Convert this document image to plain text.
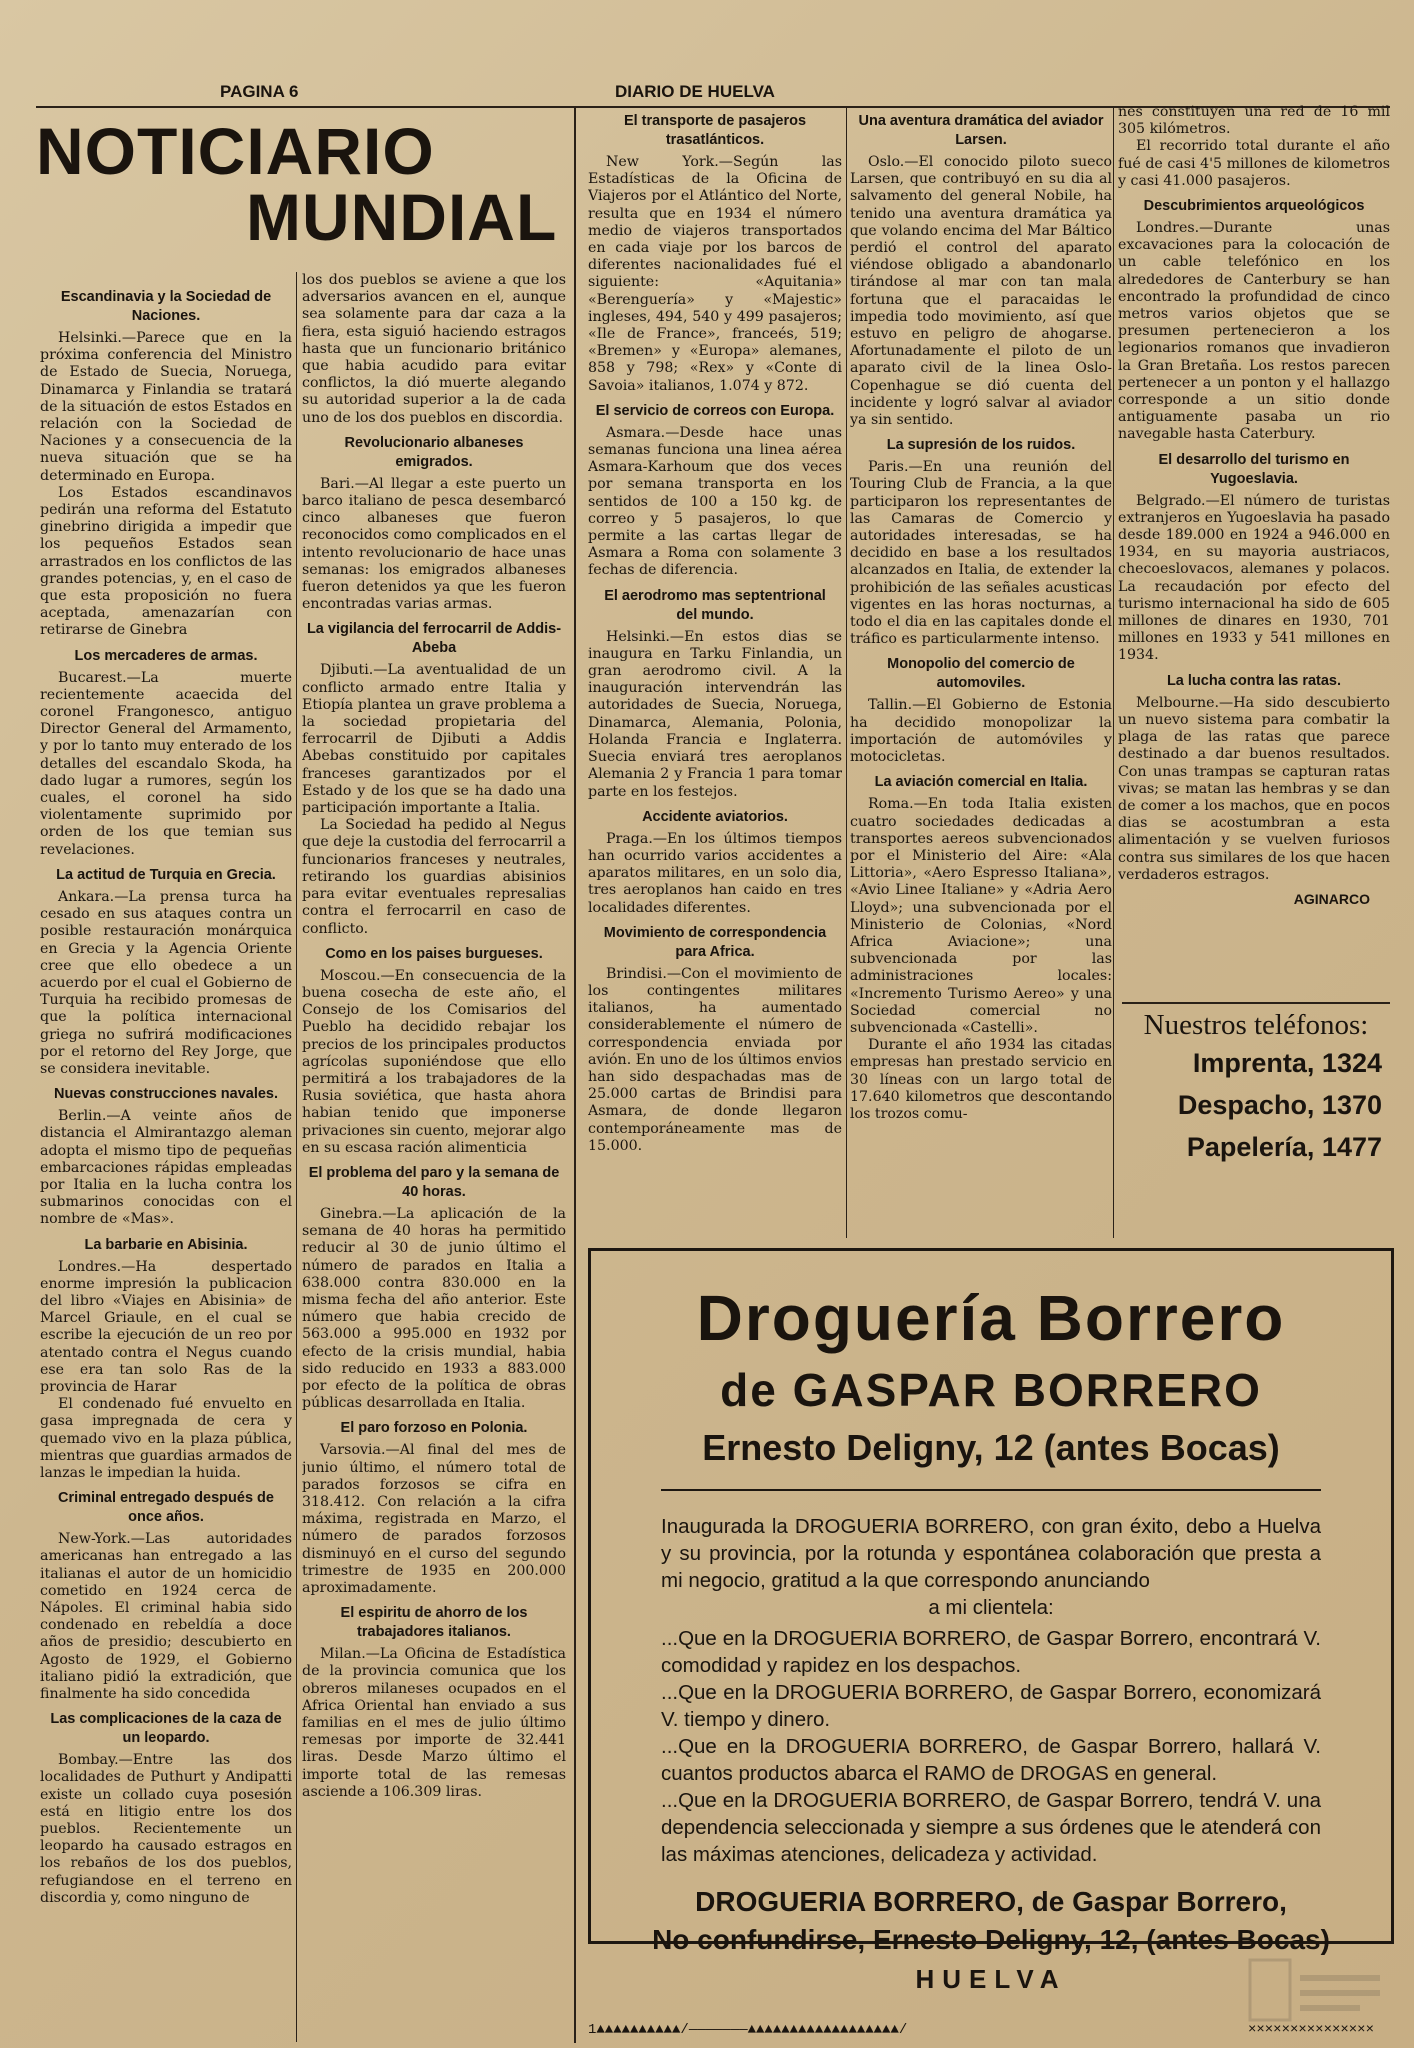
PAGINA 6	DIARIO DE HUELVA
NOTICIARIO
MUNDIAL
Escandinavia y la Sociedad de Naciones.

Helsinki.—Parece que en la próxima conferencia del Ministro de Estado de Suecia, Noruega, Dinamarca y Finlandia se tratará de la situación de estos Estados en relación con la Sociedad de Naciones y a consecuencia de la nueva situación que se ha determinado en Europa.

Los Estados escandinavos pedirán una reforma del Estatuto ginebrino dirigida a impedir que los pequeños Estados sean arrastrados en los conflictos de las grandes potencias, y, en el caso de que esta proposición no fuera aceptada, amenazarían con retirarse de Ginebra

Los mercaderes de armas.

Bucarest.—La muerte recientemente acaecida del coronel Frangonesco, antiguo Director General del Armamento, y por lo tanto muy enterado de los detalles del escandalo Skoda, ha dado lugar a rumores, según los cuales, el coronel ha sido violentamente suprimido por orden de los que temian sus revelaciones.

La actitud de Turquia en Grecia.

Ankara.—La prensa turca ha cesado en sus ataques contra un posible restauración monárquica en Grecia y la Agencia Oriente cree que ello obedece a un acuerdo por el cual el Gobierno de Turquia ha recibido promesas de que la política internacional griega no sufrirá modificaciones por el retorno del Rey Jorge, que se considera inevitable.

Nuevas construcciones navales.

Berlin.—A veinte años de distancia el Almirantazgo aleman adopta el mismo tipo de pequeñas embarcaciones rápidas empleadas por Italia en la lucha contra los submarinos conocidas con el nombre de «Mas».

La barbarie en Abisinia.

Londres.—Ha despertado enorme impresión la publicacion del libro «Viajes en Abisinia» de Marcel Griaule, en el cual se escribe la ejecución de un reo por atentado contra el Negus cuando ese era tan solo Ras de la provincia de Harar

El condenado fué envuelto en gasa impregnada de cera y quemado vivo en la plaza pública, mientras que guardias armados de lanzas le impedian la huida.

Criminal entregado después de once años.

New-York.—Las autoridades americanas han entregado a las italianas el autor de un homicidio cometido en 1924 cerca de Nápoles. El criminal habia sido condenado en rebeldía a doce años de presidio; descubierto en Agosto de 1929, el Gobierno italiano pidió la extradición, que finalmente ha sido concedida

Las complicaciones de la caza de un leopardo.

Bombay.—Entre las dos localidades de Puthurt y Andipatti existe un collado cuya posesión está en litigio entre los dos pueblos. Recientemente un leopardo ha causado estragos en los rebaños de los dos pueblos, refugiandose en el terreno en discordia y, como ninguno de

los dos pueblos se aviene a que los adversarios avancen en el, aunque sea solamente para dar caza a la fiera, esta siguió haciendo estragos hasta que un funcionario británico que habia acudido para evitar conflictos, la dió muerte alegando su autoridad superior a la de cada uno de los dos pueblos en discordia.

Revolucionario albaneses emigrados.

Bari.—Al llegar a este puerto un barco italiano de pesca desembarcó cinco albaneses que fueron reconocidos como complicados en el intento revolucionario de hace unas semanas: los emigrados albaneses fueron detenidos ya que les fueron encontradas varias armas.

La vigilancia del ferrocarril de Addis-Abeba

Djibuti.—La aventualidad de un conflicto armado entre Italia y Etiopía plantea un grave problema a la sociedad propietaria del ferrocarril de Djibuti a Addis Abebas constituido por capitales franceses garantizados por el Estado y de los que se ha dado una participación importante a Italia.

La Sociedad ha pedido al Negus que deje la custodia del ferrocarril a funcionarios franceses y neutrales, retirando los guardias abisinios para evitar eventuales represalias contra el ferrocarril en caso de conflicto.

Como en los paises burgueses.

Moscou.—En consecuencia de la buena cosecha de este año, el Consejo de los Comisarios del Pueblo ha decidido rebajar los precios de los principales productos agrícolas suponiéndose que ello permitirá a los trabajadores de la Rusia soviética, que hasta ahora habian tenido que imponerse privaciones sin cuento, mejorar algo en su escasa ración alimenticia

El problema del paro y la semana de 40 horas.

Ginebra.—La aplicación de la semana de 40 horas ha permitido reducir al 30 de junio último el número de parados en Italia a 638.000 contra 830.000 en la misma fecha del año anterior. Este número que habia crecido de 563.000 a 995.000 en 1932 por efecto de la crisis mundial, habia sido reducido en 1933 a 883.000 por efecto de la política de obras públicas desarrollada en Italia.

El paro forzoso en Polonia.

Varsovia.—Al final del mes de junio último, el número total de parados forzosos se cifra en 318.412. Con relación a la cifra máxima, registrada en Marzo, el número de parados forzosos disminuyó en el curso del segundo trimestre de 1935 en 200.000 aproximadamente.

El espiritu de ahorro de los trabajadores italianos.

Milan.—La Oficina de Estadística de la provincia comunica que los obreros milaneses ocupados en el Africa Oriental han enviado a sus familias en el mes de julio último remesas por importe de 32.441 liras. Desde Marzo último el importe total de las remesas asciende a 106.309 liras.

El transporte de pasajeros trasatlánticos.

New York.—Según las Estadísticas de la Oficina de Viajeros por el Atlántico del Norte, resulta que en 1934 el número medio de viajeros transportados en cada viaje por los barcos de diferentes nacionalidades fué el siguiente: «Aquitania» «Berenguería» y «Majestic» ingleses, 494, 540 y 499 pasajeros; «Ile de France», franceés, 519; «Bremen» y «Europa» alemanes, 858 y 798; «Rex» y «Conte di Savoia» italianos, 1.074 y 872.

El servicio de correos con Europa.

Asmara.—Desde hace unas semanas funciona una linea aérea Asmara-Karhoum que dos veces por semana transporta en los sentidos de 100 a 150 kg. de correo y 5 pasajeros, lo que permite a las cartas llegar de Asmara a Roma con solamente 3 fechas de diferencia.

El aerodromo mas septentrional del mundo.

Helsinki.—En estos dias se inaugura en Tarku Finlandia, un gran aerodromo civil. A la inauguración intervendrán las autoridades de Suecia, Noruega, Dinamarca, Alemania, Polonia, Holanda Francia e Inglaterra. Suecia enviará tres aeroplanos Alemania 2 y Francia 1 para tomar parte en los festejos.

Accidente aviatorios.

Praga.—En los últimos tiempos han ocurrido varios accidentes a aparatos militares, en un solo dia, tres aeroplanos han caido en tres localidades diferentes.

Movimiento de correspondencia para Africa.

Brindisi.—Con el movimiento de los contingentes militares italianos, ha aumentado considerablemente el número de correspondencia enviada por avión. En uno de los últimos envios han sido despachadas mas de 25.000 cartas de Brindisi para Asmara, de donde llegaron contemporáneamente mas de 15.000.

Una aventura dramática del aviador Larsen.

Oslo.—El conocido piloto sueco Larsen, que contribuyó en su dia al salvamento del general Nobile, ha tenido una aventura dramática ya que volando encima del Mar Báltico perdió el control del aparato viéndose obligado a abandonarlo tirándose al mar con tan mala fortuna que el paracaidas le impedia todo movimiento, así que estuvo en peligro de ahogarse. Afortunadamente el piloto de un aparato civil de la linea Oslo-Copenhague se dió cuenta del incidente y logró salvar al aviador ya sin sentido.

La supresión de los ruidos.

Paris.—En una reunión del Touring Club de Francia, a la que participaron los representantes de las Camaras de Comercio y autoridades interesadas, se ha decidido en base a los resultados alcanzados en Italia, de extender la prohibición de las señales acusticas vigentes en las horas nocturnas, a todo el dia en las capitales donde el tráfico es particularmente intenso.

Monopolio del comercio de automoviles.

Tallin.—El Gobierno de Estonia ha decidido monopolizar la importación de automóviles y motocicletas.

La aviación comercial en Italia.

Roma.—En toda Italia existen cuatro sociedades dedicadas a transportes aereos subvencionados por el Ministerio del Aire: «Ala Littoria», «Aero Espresso Italiana», «Avio Linee Italiane» y «Adria Aero Lloyd»; una subvencionada por el Ministerio de Colonias, «Nord Africa Aviacione»; una subvencionada por las administraciones locales: «Incremento Turismo Aereo» y una Sociedad comercial no subvencionada «Castelli».

Durante el año 1934 las citadas empresas han prestado servicio en 30 líneas con un largo total de 17.640 kilometros que descontando los trozos comu-

nes constituyen una red de 16 mil 305 kilómetros.

El recorrido total durante el año fué de casi 4'5 millones de kilometros y casi 41.000 pasajeros.

Descubrimientos arqueológicos

Londres.—Durante unas excavaciones para la colocación de un cable telefónico en los alrededores de Canterbury se han encontrado la profundidad de cinco metros varios objetos que se presumen pertenecieron a los legionarios romanos que invadieron la Gran Bretaña. Los restos parecen pertenecer a un ponton y el hallazgo corresponde a un sitio donde antiguamente pasaba un rio navegable hasta Caterbury.

El desarrollo del turismo en Yugoeslavia.

Belgrado.—El número de turistas extranjeros en Yugoeslavia ha pasado desde 189.000 en 1924 a 946.000 en 1934, en su mayoria austriacos, checoeslovacos, alemanes y polacos. La recaudación por efecto del turismo internacional ha sido de 605 millones de dinares en 1930, 701 millones en 1933 y 541 millones en 1934.

La lucha contra las ratas.

Melbourne.—Ha sido descubierto un nuevo sistema para combatir la plaga de las ratas que parece destinado a dar buenos resultados. Con unas trampas se capturan ratas vivas; se matan las hembras y se dan de comer a los machos, que en pocos dias se acostumbran a esta alimentación y se vuelven furiosos contra sus similares de los que hacen verdaderos estragos.

AGINARCO
Nuestros teléfonos:
Imprenta, 1324
Despacho, 1370
Papelería, 1477
Droguería Borrero
de GASPAR BORRERO
Ernesto Deligny, 12 (antes Bocas)

Inaugurada la DROGUERIA BORRERO, con gran éxito, debo a Huelva y su provincia, por la rotunda y espontánea colaboración que presta a mi negocio, gratitud a la que correspondo anunciando
a mi clientela:

...Que en la DROGUERIA BORRERO, de Gaspar Borrero, encontrará V. comodidad y rapidez en los despachos.

...Que en la DROGUERIA BORRERO, de Gaspar Borrero, economizará V. tiempo y dinero.

...Que en la DROGUERIA BORRERO, de Gaspar Borrero, hallará V. cuantos productos abarca el RAMO de DROGAS en general.

...Que en la DROGUERIA BORRERO, de Gaspar Borrero, tendrá V. una dependencia seleccionada y siempre a sus órdenes que le atenderá con las máximas atenciones, delicadeza y actividad.

DROGUERIA BORRERO, de Gaspar Borrero,
No confundirse, Ernesto Deligny, 12, (antes Bocas)
HUELVA
1▲▲▲▲▲▲▲▲▲▲/———————▲▲▲▲▲▲▲▲▲▲▲▲▲▲▲▲▲▲/	×××××××××××××××
